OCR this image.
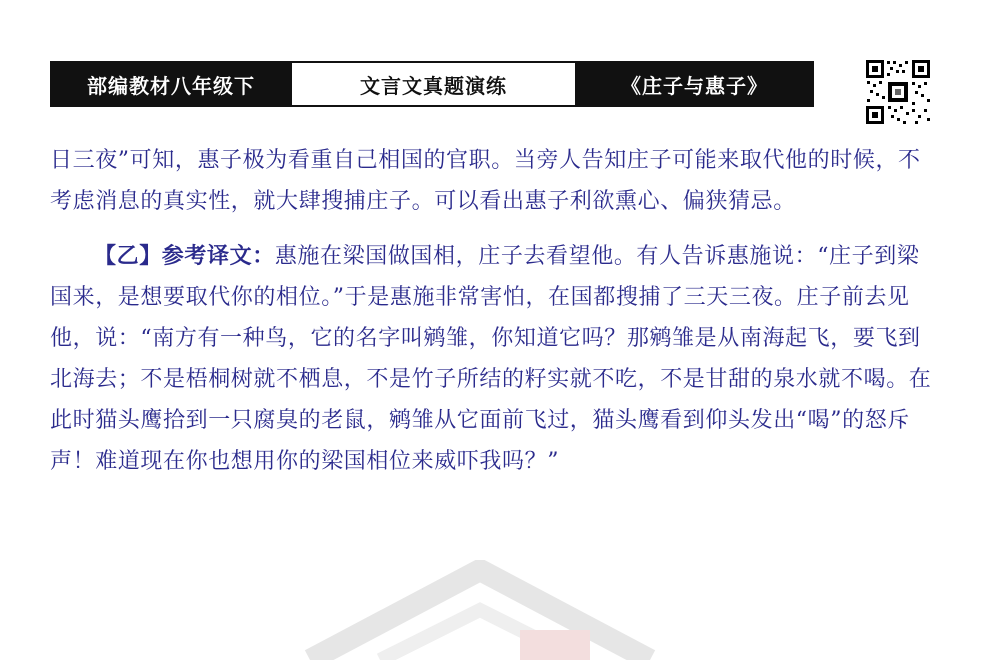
部编教材八年级下	文言文真题演练	《庄子与惠子》

日三夜”可知，惠子极为看重自己相国的官职。当旁人告知庄子可能来取代他的时候，不考虑消息的真实性，就大肆搜捕庄子。可以看出惠子利欲熏心、偏狭猜忌。

【乙】参考译文：惠施在梁国做国相，庄子去看望他。有人告诉惠施说：“庄子到梁国来，是想要取代你的相位。”于是惠施非常害怕，在国都搜捕了三天三夜。庄子前去见他，说：“南方有一种鸟，它的名字叫鹓雏，你知道它吗？那鹓雏是从南海起飞，要飞到北海去；不是梧桐树就不栖息，不是竹子所结的籽实就不吃，不是甘甜的泉水就不喝。在此时猫头鹰拾到一只腐臭的老鼠，鹓雏从它面前飞过，猫头鹰看到仰头发出“喝”的怒斥声！难道现在你也想用你的梁国相位来威吓我吗？”
